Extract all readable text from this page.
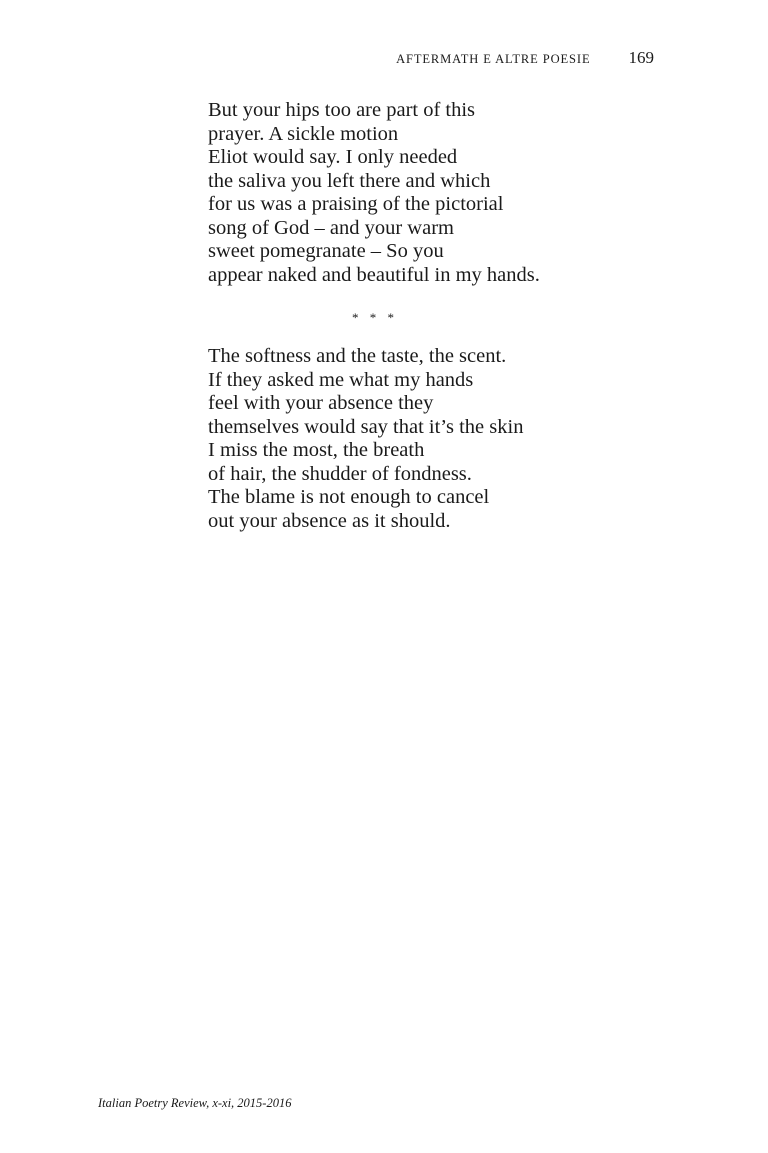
AFTERMATH E ALTRE POESIE 169
But your hips too are part of this
prayer. A sickle motion
Eliot would say. I only needed
the saliva you left there and which
for us was a praising of the pictorial
song of God – and your warm
sweet pomegranate – So you
appear naked and beautiful in my hands.
* * *
The softness and the taste, the scent.
If they asked me what my hands
feel with your absence they
themselves would say that it’s the skin
I miss the most, the breath
of hair, the shudder of fondness.
The blame is not enough to cancel
out your absence as it should.
Italian Poetry Review, x-xi, 2015-2016
